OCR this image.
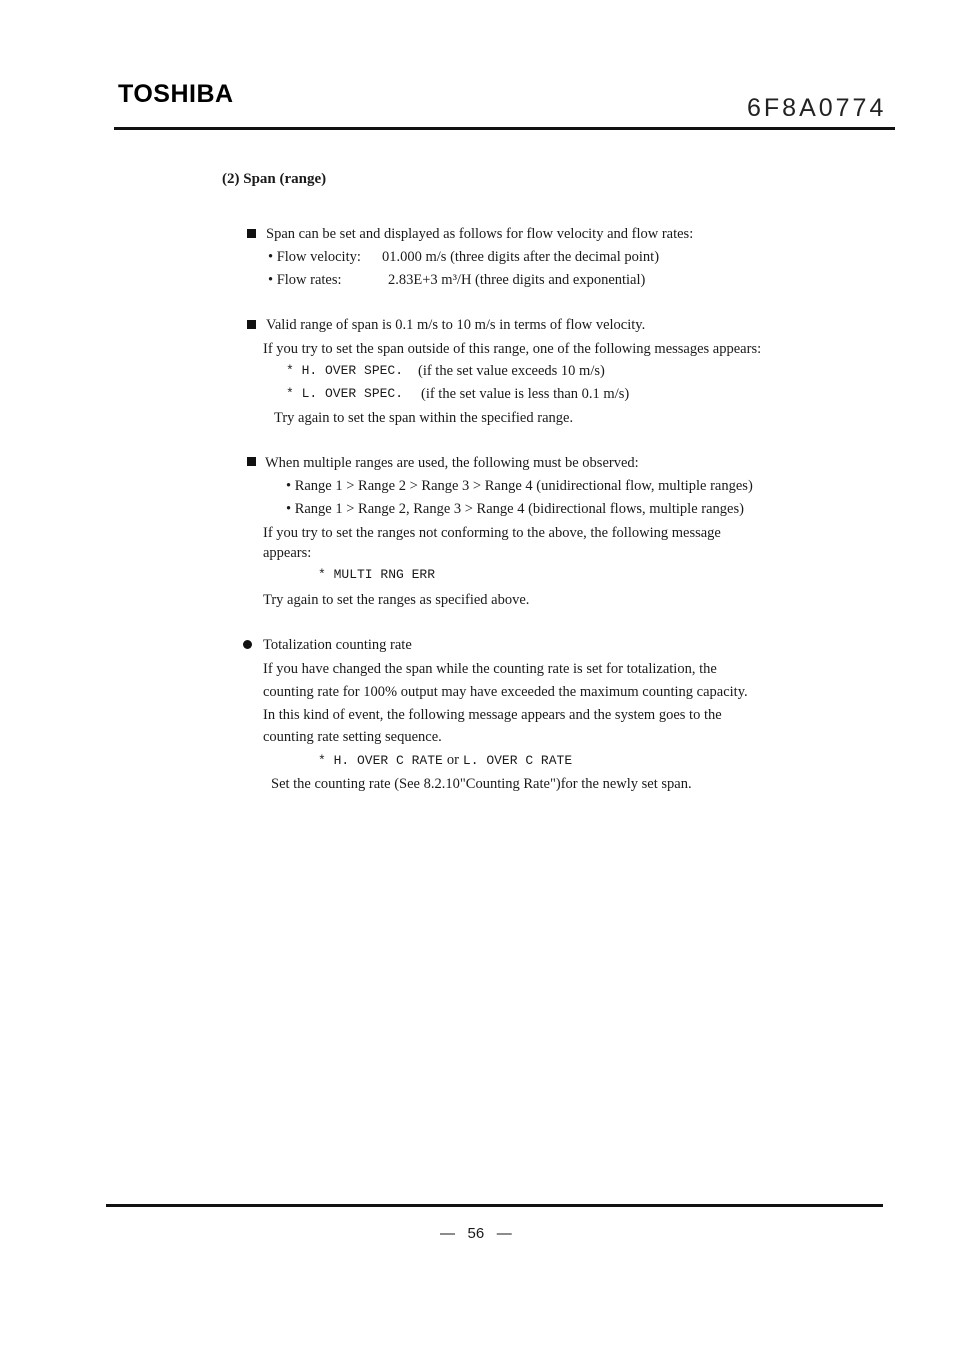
TOSHIBA	6F8A0774
(2) Span (range)
Span can be set and displayed as follows for flow velocity and flow rates:
• Flow velocity: 01.000 m/s (three digits after the decimal point)
• Flow rates:	2.83E+3 m³/H (three digits and exponential)
Valid range of span is 0.1 m/s to 10 m/s in terms of flow velocity.
If you try to set the span outside of this range, one of the following messages appears:
* H. OVER SPEC. (if the set value exceeds 10 m/s)
* L. OVER SPEC. (if the set value is less than 0.1 m/s)
Try again to set the span within the specified range.
When multiple ranges are used, the following must be observed:
• Range 1 > Range 2 > Range 3 > Range 4 (unidirectional flow, multiple ranges)
• Range 1 > Range 2, Range 3 > Range 4 (bidirectional flows, multiple ranges)
If you try to set the ranges not conforming to the above, the following message
appears:
* MULTI RNG ERR
Try again to set the ranges as specified above.
Totalization counting rate
If you have changed the span while the counting rate is set for totalization, the
counting rate for 100% output may have exceeded the maximum counting capacity.
In this kind of event, the following message appears and the system goes to the
counting rate setting sequence.
* H. OVER C RATE or L. OVER C RATE
Set the counting rate (See 8.2.10"Counting Rate")for the newly set span.
—   56   —
